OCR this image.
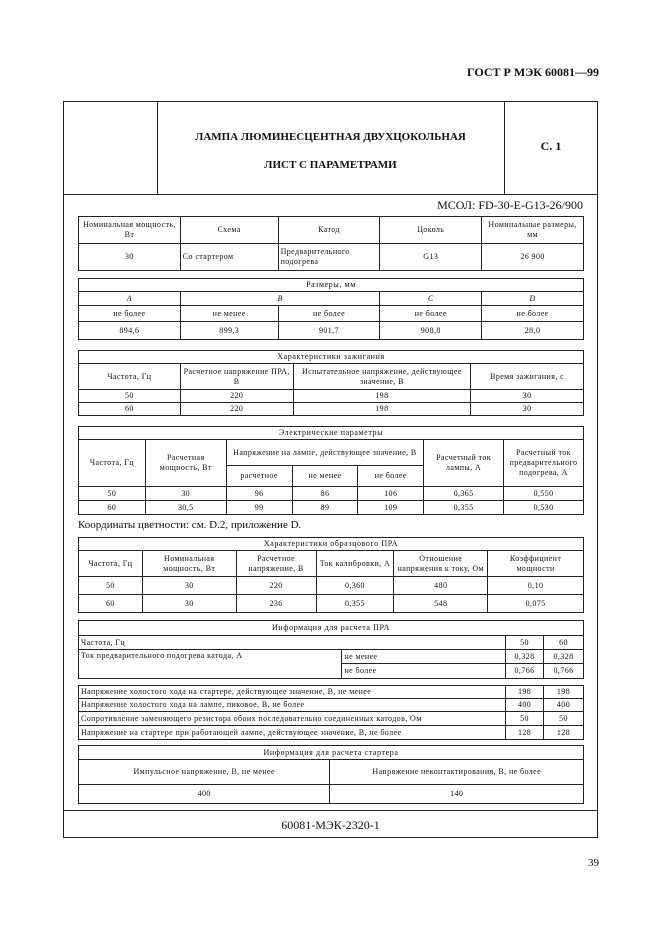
ГОСТ Р МЭК 60081—99
ЛАМПА ЛЮМИНЕСЦЕНТНАЯ ДВУХЦОКОЛЬНАЯ
ЛИСТ С ПАРАМЕТРАМИ
С. 1
МСОЛ: FD-30-E-G13-26/900
Номинальная мощность, Вт	Схема	Катод	Цоколь	Номинальные размеры, мм
30	Со стартером	Предварительного подогрева	G13	26 900
Размеры, мм				
A	B		C	D
не более	не менее	не более	не более	не более
894,6	899,3	901,7	908,8	28,0
Характеристики зажигания			
Частота, Гц	Расчетное напряжение ПРА, В	Испытательное напряжение, действующее значение, В	Время зажигания, с
50	220	198	30
60	220	198	30
Электрические параметры						
Частота, Гц	Расчетная мощность, Вт	Напряжение на лампе, действующее значение, В			Расчетный ток лампы, А	Расчетный ток предварительного подогрева, А
		расчетное	не менее	не более		
50	30	96	86	106	0,365	0,550
60	30,5	99	89	109	0,355	0,530
Координаты цветности: см. D.2, приложение D.
Характеристики образцового ПРА					
Частота, Гц	Номинальная мощность, Вт	Расчетное напряжение, В	Ток калибровки, А	Отношение напряжения к току, Ом	Коэффициент мощности
50	30	220	0,360	480	0,10
60	30	236	0,355	548	0,075
Информация для расчета ПРА			
Частота, Гц		50	60
Ток предварительного подогрева катода, А	не менее	0,328	0,328
	не более	0,766	0,766

Напряжение холостого хода на стартере, действующее значение, В, не менее		198	198
Напряжение холостого хода на лампе, пиковое, В, не более		400	400
Сопротивление заменяющего резистора обоих последовательно соединенных катодов, Ом		50	50
Напряжение на стартере при работающей лампе, действующее значение, В, не более		128	128
Информация для расчета стартера	
Импульсное напряжение, В, не менее	Напряжение неконтактирования, В, не более
400	140
60081-МЭК-2320-1
39
